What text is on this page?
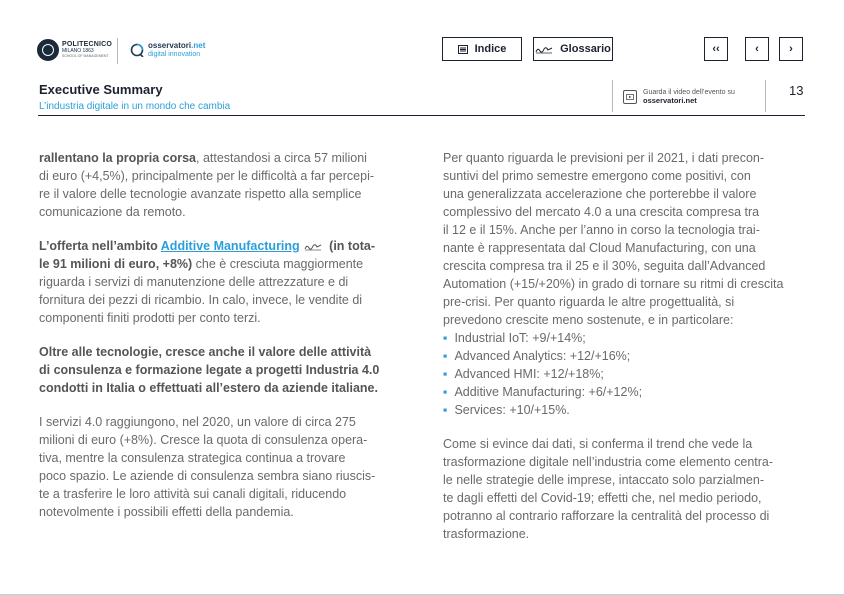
POLITECNICO
MILANO 1863
SCHOOL OF MANAGEMENT
osservatori.net
digital innovation	Indice	Glossario	‹‹	‹	›
Executive Summary
L’industria digitale in un mondo che cambia
Guarda il video dell’evento su
osservatori.net
13
rallentano la propria corsa, attestandosi a circa 57 milioni
di euro (+4,5%), principalmente per le difficoltà a far percepi-
re il valore delle tecnologie avanzate rispetto alla semplice
comunicazione da remoto.
L’offerta nell’ambito Additive Manufacturing (in tota-
le 91 milioni di euro, +8%) che è cresciuta maggiormente
riguarda i servizi di manutenzione delle attrezzature e di
fornitura dei pezzi di ricambio. In calo, invece, le vendite di
componenti finiti prodotti per conto terzi.
Oltre alle tecnologie, cresce anche il valore delle attività
di consulenza e formazione legate a progetti Industria 4.0
condotti in Italia o effettuati all’estero da aziende italiane.
I servizi 4.0 raggiungono, nel 2020, un valore di circa 275
milioni di euro (+8%). Cresce la quota di consulenza opera-
tiva, mentre la consulenza strategica continua a trovare
poco spazio. Le aziende di consulenza sembra siano riuscis-
te a trasferire le loro attività sui canali digitali, riducendo
notevolmente i possibili effetti della pandemia.
Per quanto riguarda le previsioni per il 2021, i dati precon-
suntivi del primo semestre emergono come positivi, con
una generalizzata accelerazione che porterebbe il valore
complessivo del mercato 4.0 a una crescita compresa tra
il 12 e il 15%. Anche per l’anno in corso la tecnologia trai-
nante è rappresentata dal Cloud Manufacturing, con una
crescita compresa tra il 25 e il 30%, seguita dall’Advanced
Automation (+15/+20%) in grado di tornare su ritmi di crescita
pre-crisi. Per quanto riguarda le altre progettualità, si
prevedono crescite meno sostenute, e in particolare:
▪ Industrial IoT: +9/+14%;
▪ Advanced Analytics: +12/+16%;
▪ Advanced HMI: +12/+18%;
▪ Additive Manufacturing: +6/+12%;
▪ Services: +10/+15%.
Come si evince dai dati, si conferma il trend che vede la
trasformazione digitale nell’industria come elemento centra-
le nelle strategie delle imprese, intaccato solo parzialmen-
te dagli effetti del Covid-19; effetti che, nel medio periodo,
potranno al contrario rafforzare la centralità del processo di
trasformazione.
